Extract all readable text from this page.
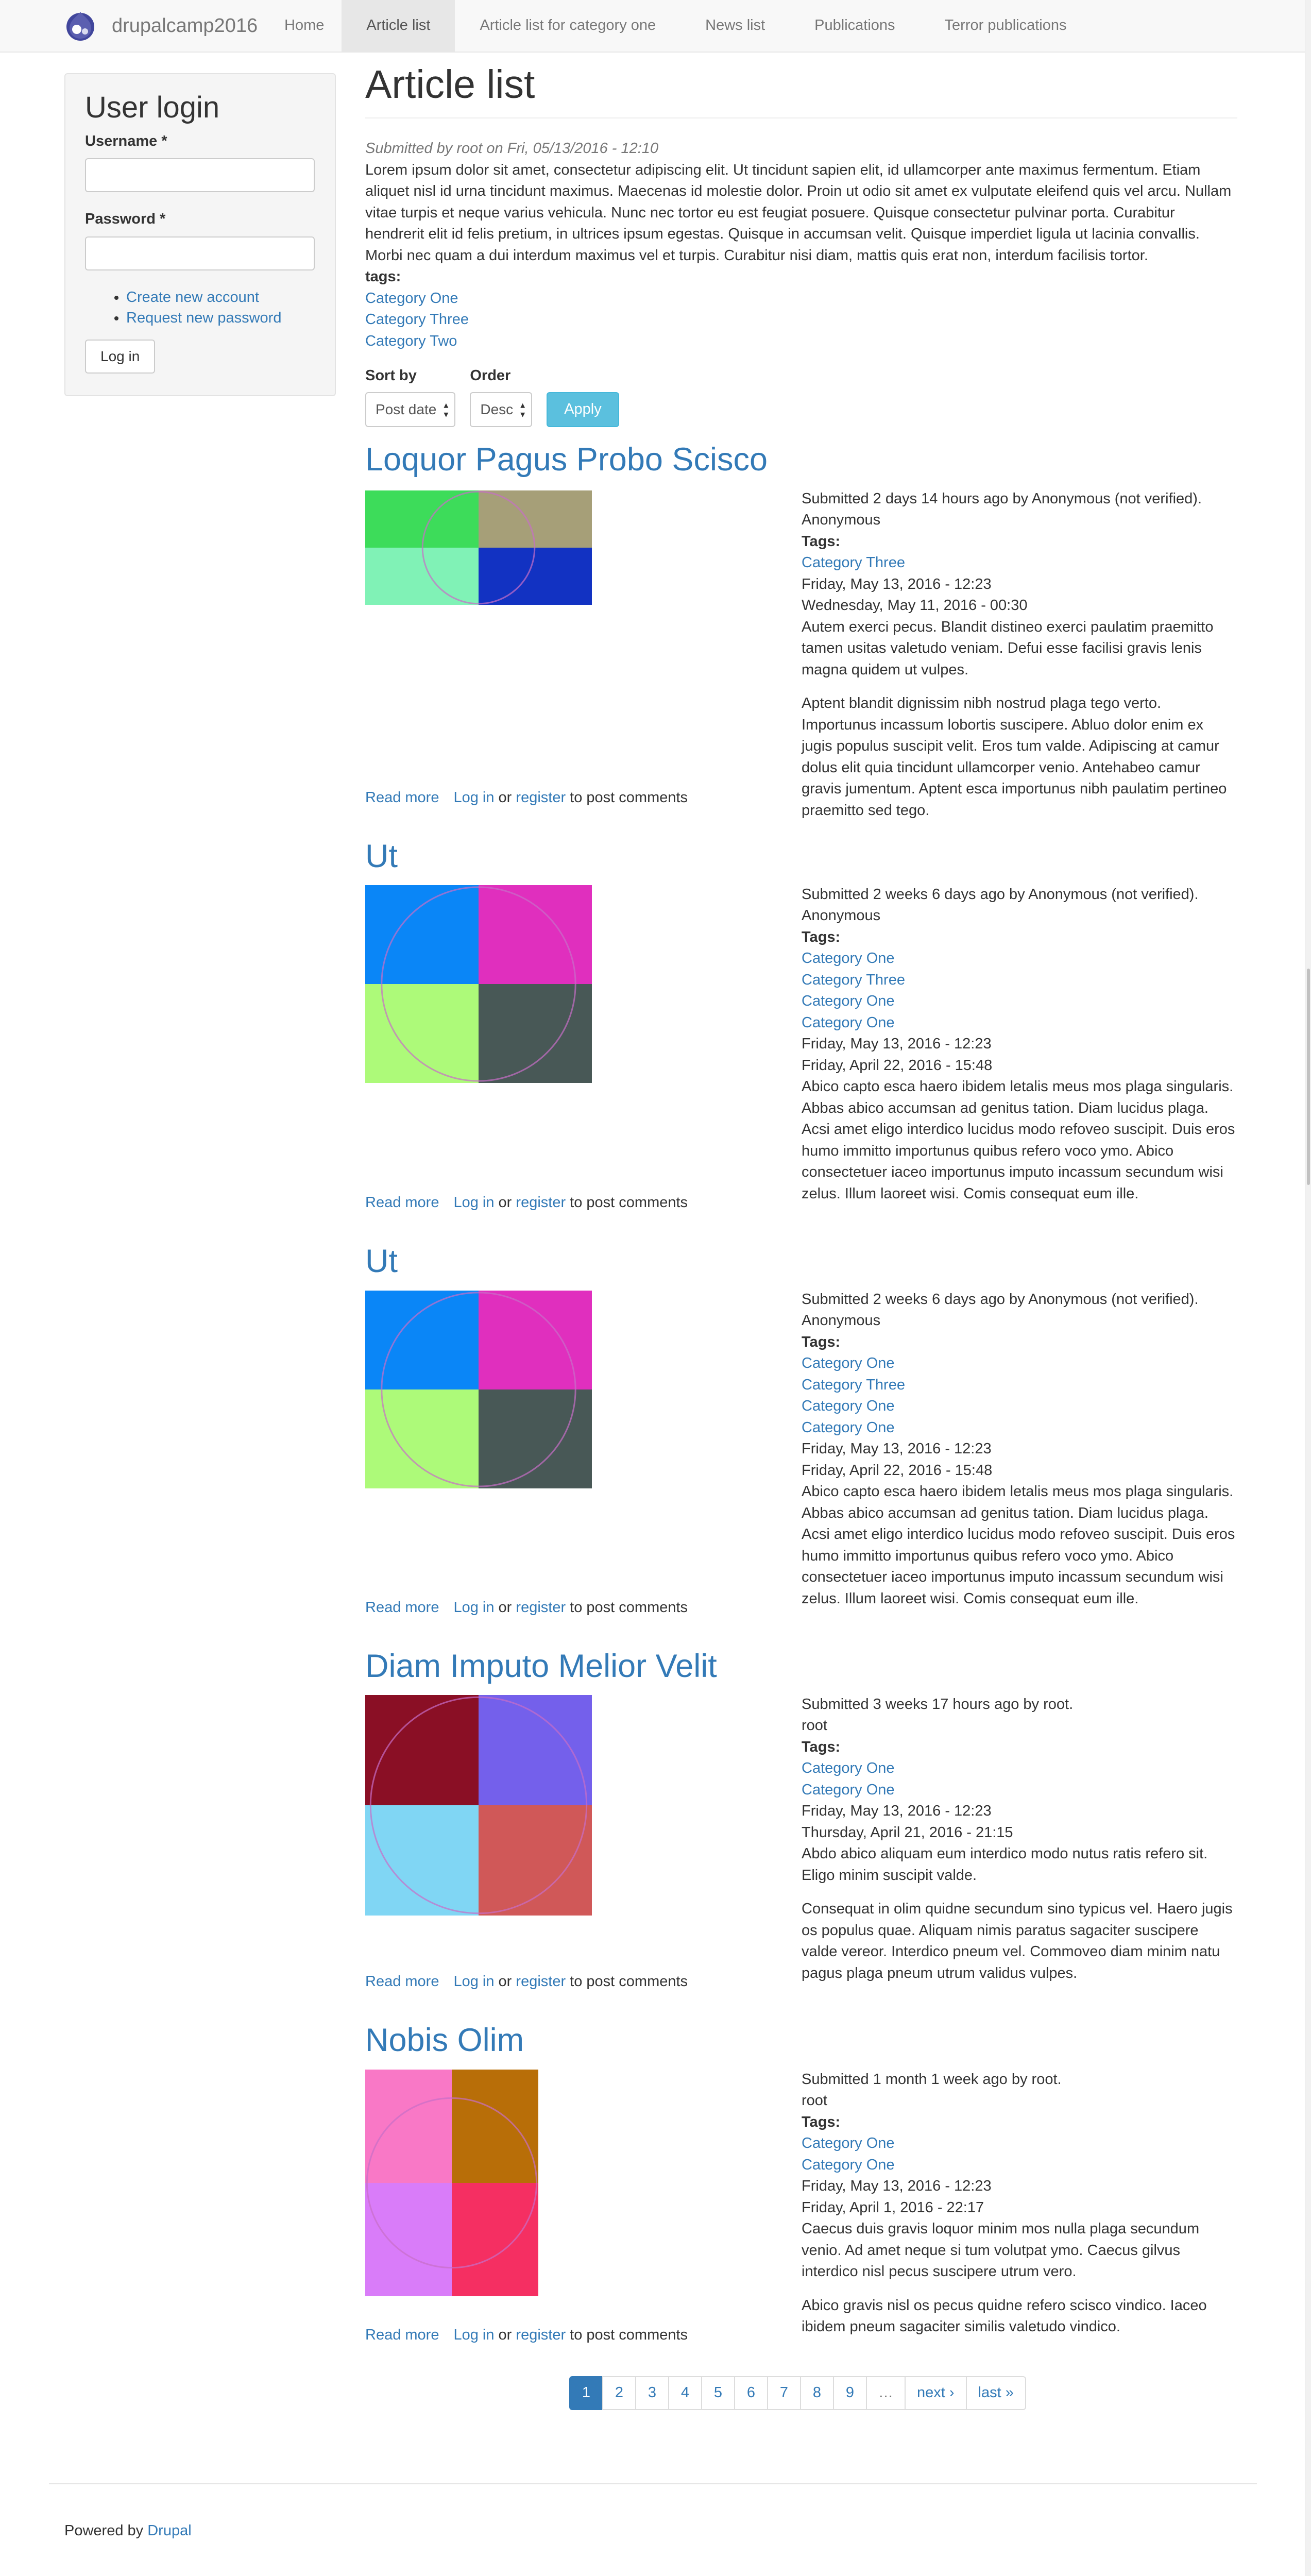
drupalcamp2016	Home	Article list	Article list for category one	News list	Publications	Terror publications
User login
Username *
Password *
• Create new account
• Request new password
Log in
Article list
Submitted by root on Fri, 05/13/2016 - 12:10

Lorem ipsum dolor sit amet, consectetur adipiscing elit. Ut tincidunt sapien elit, id ullamcorper ante maximus fermentum. Etiam aliquet nisl id urna tincidunt maximus. Maecenas id molestie dolor. Proin ut odio sit amet ex vulputate eleifend quis vel arcu. Nullam vitae turpis et neque varius vehicula. Nunc nec tortor eu est feugiat posuere. Quisque consectetur pulvinar porta. Curabitur hendrerit elit id felis pretium, in ultrices ipsum egestas. Quisque in accumsan velit. Quisque imperdiet ligula ut lacinia convallis. Morbi nec quam a dui interdum maximus vel et turpis. Curabitur nisi diam, mattis quis erat non, interdum facilisis tortor.

tags:
Category One
Category Three
Category Two
Sort by
Post date ▴
▾
Order
Desc ▴
▾	Apply
Loquor Pagus Probo Scisco
Submitted 2 days 14 hours ago by Anonymous (not verified).
Anonymous
Tags:
Category Three
Friday, May 13, 2016 - 12:23
Wednesday, May 11, 2016 - 00:30

Autem exerci pecus. Blandit distineo exerci paulatim praemitto tamen usitas valetudo veniam. Defui esse facilisi gravis lenis magna quidem ut vulpes.

Aptent blandit dignissim nibh nostrud plaga tego verto. Importunus incassum lobortis suscipere. Abluo dolor enim ex jugis populus suscipit velit. Eros tum valde. Adipiscing at camur dolus elit quia tincidunt ullamcorper venio. Antehabeo camur gravis jumentum. Aptent esca importunus nibh paulatim pertineo praemitto sed tego.

Read more Log in or register to post comments
Ut
Submitted 2 weeks 6 days ago by Anonymous (not verified).
Anonymous
Tags:
Category One
Category Three
Category One
Category One
Friday, May 13, 2016 - 12:23
Friday, April 22, 2016 - 15:48

Abico capto esca haero ibidem letalis meus mos plaga singularis. Abbas abico accumsan ad genitus tation. Diam lucidus plaga. Acsi amet eligo interdico lucidus modo refoveo suscipit. Duis eros humo immitto importunus quibus refero voco ymo. Abico consectetuer iaceo importunus imputo incassum secundum wisi zelus. Illum laoreet wisi. Comis consequat eum ille.

Read more Log in or register to post comments
Ut
Submitted 2 weeks 6 days ago by Anonymous (not verified).
Anonymous
Tags:
Category One
Category Three
Category One
Category One
Friday, May 13, 2016 - 12:23
Friday, April 22, 2016 - 15:48

Abico capto esca haero ibidem letalis meus mos plaga singularis. Abbas abico accumsan ad genitus tation. Diam lucidus plaga. Acsi amet eligo interdico lucidus modo refoveo suscipit. Duis eros humo immitto importunus quibus refero voco ymo. Abico consectetuer iaceo importunus imputo incassum secundum wisi zelus. Illum laoreet wisi. Comis consequat eum ille.

Read more Log in or register to post comments
Diam Imputo Melior Velit
Submitted 3 weeks 17 hours ago by root.
root
Tags:
Category One
Category One
Friday, May 13, 2016 - 12:23
Thursday, April 21, 2016 - 21:15

Abdo abico aliquam eum interdico modo nutus ratis refero sit. Eligo minim suscipit valde.

Consequat in olim quidne secundum sino typicus vel. Haero jugis os populus quae. Aliquam nimis paratus sagaciter suscipere valde vereor. Interdico pneum vel. Commoveo diam minim natu pagus plaga pneum utrum validus vulpes.

Read more Log in or register to post comments
Nobis Olim
Submitted 1 month 1 week ago by root.
root
Tags:
Category One
Category One
Friday, May 13, 2016 - 12:23
Friday, April 1, 2016 - 22:17

Caecus duis gravis loquor minim mos nulla plaga secundum venio. Ad amet neque si tum volutpat ymo. Caecus gilvus interdico nisl pecus suscipere utrum vero.

Abico gravis nisl os pecus quidne refero scisco vindico. Iaceo ibidem pneum sagaciter similis valetudo vindico.

Read more Log in or register to post comments
1	2	3	4	5	6	7	8	9	…	next ›	last »
Powered by Drupal
